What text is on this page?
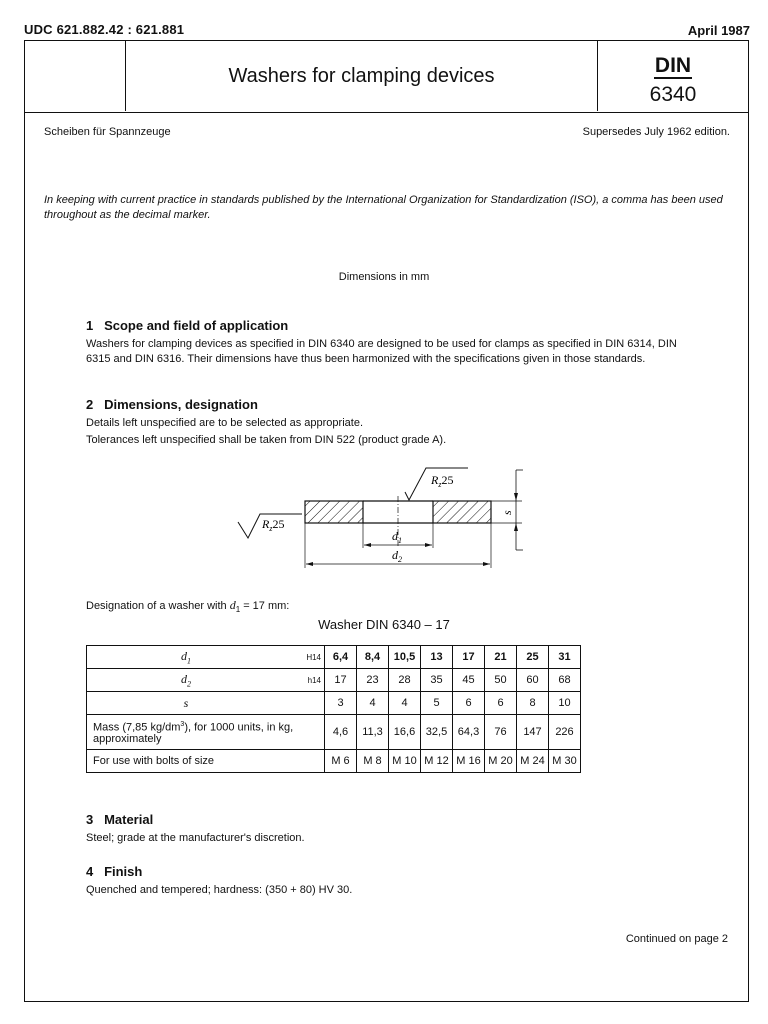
UDC 621.882.42 : 621.881	April 1987
Washers for clamping devices	DIN
6340
Scheiben für Spannzeuge	Supersedes July 1962 edition.
In keeping with current practice in standards published by the International Organization for Standardization (ISO), a comma has been used throughout as the decimal marker.
Dimensions in mm
1   Scope and field of application
Washers for clamping devices as specified in DIN 6340 are designed to be used for clamps as specified in DIN 6314, DIN 6315 and DIN 6316. Their dimensions have thus been harmonized with the specifications given in those standards.
2   Dimensions, designation
Details left unspecified are to be selected as appropriate.
Tolerances left unspecified shall be taken from DIN 522 (product grade A).
$d_1$
$d_2$
s
$R_z25$
$R_z25$
Designation of a washer with $d_1 = 17$ mm:
Washer DIN 6340 – 17
$d_1$	H14	6,4	8,4	10,5	13	17	21	25	31
$d_2$	h14	17	23	28	35	45	50	60	68
s		3	4	4	5	6	6	8	10
Mass (7,85 $kg/dm^3$), for 1000 units, in kg, approximately		4,6	11,3	16,6	32,5	64,3	76	147	226
For use with bolts of size		M 6	M 8	M 10	M 12	M 16	M 20	M 24	M 30
3   Material
Steel; grade at the manufacturer's discretion.
4   Finish
Quenched and tempered; hardness: (350 + 80) HV 30.
Continued on page 2
